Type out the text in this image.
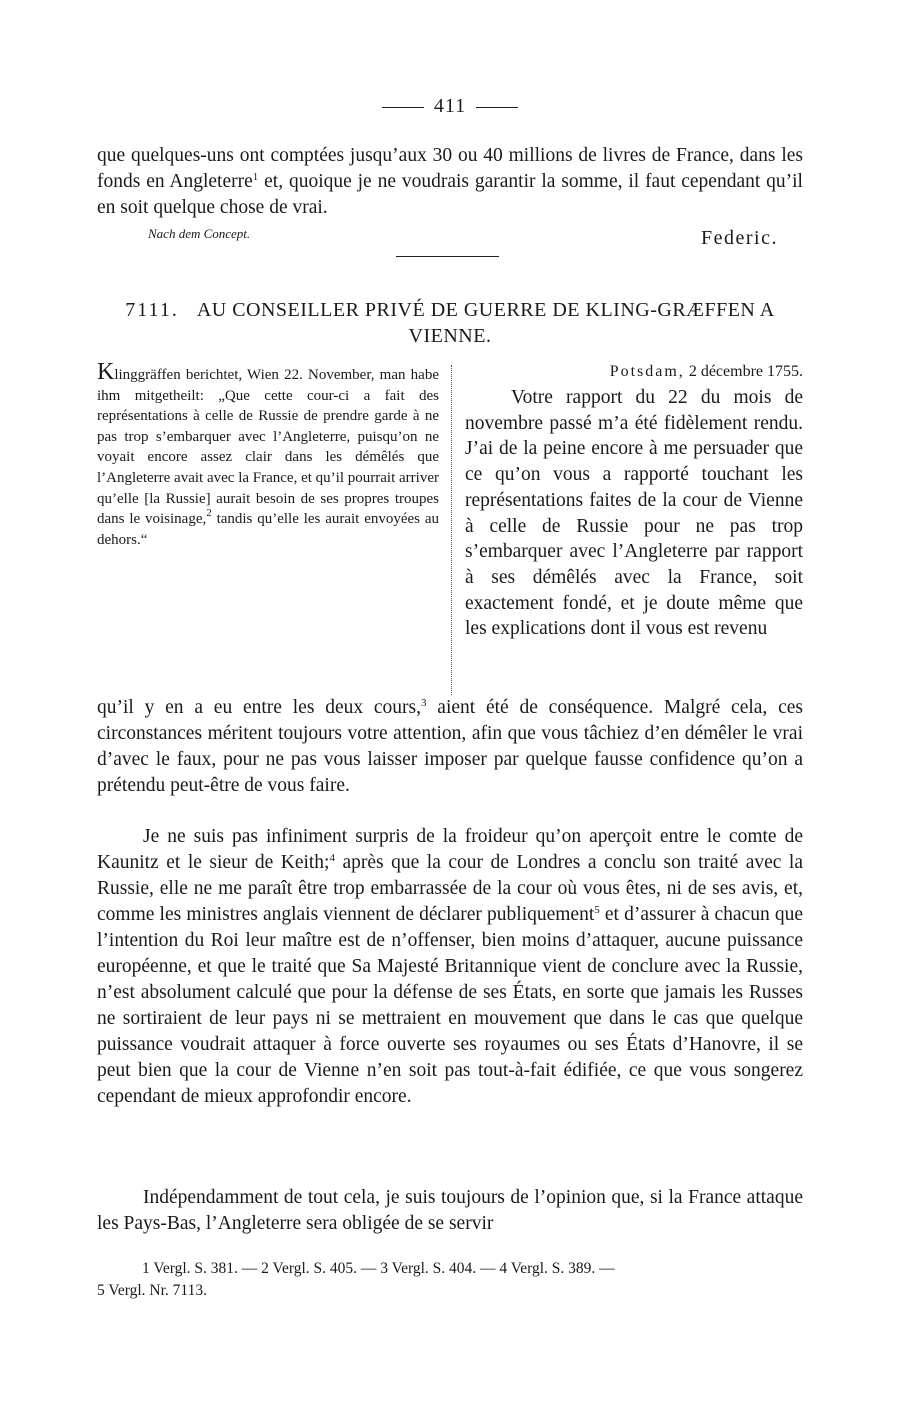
411

que quelques-uns ont comptées jusqu’aux 30 ou 40 millions de livres de France, dans les fonds en Angleterre$^1$ et, quoique je ne voudrais garantir la somme, il faut cependant qu’il en soit quelque chose de vrai.

Nach dem Concept.	Federic.
7111. AU CONSEILLER PRIVÉ DE GUERRE DE KLING-GRÆFFEN A VIENNE.
Klinggräffen berichtet, Wien 22. November, man habe ihm mitgetheilt: „Que cette cour-ci a fait des représentations à celle de Russie de prendre garde à ne pas trop s’embarquer avec l’Angleterre, puisqu’on ne voyait encore assez clair dans les démêlés que l’Angleterre avait avec la France, et qu’il pourrait arriver qu’elle [la Russie] aurait besoin de ses propres troupes dans le voisinage,$^2$ tandis qu’elle les aurait envoyées au dehors.“

Potsdam, 2 décembre 1755.

Votre rapport du 22 du mois de novembre passé m’a été fidèlement rendu. J’ai de la peine encore à me persuader que ce qu’on vous a rapporté touchant les représentations faites de la cour de Vienne à celle de Russie pour ne pas trop s’embarquer avec l’Angleterre par rapport à ses démêlés avec la France, soit exactement fondé, et je doute même que les explications dont il vous est revenu

qu’il y en a eu entre les deux cours,$^3$ aient été de conséquence. Malgré cela, ces circonstances méritent toujours votre attention, afin que vous tâchiez d’en démêler le vrai d’avec le faux, pour ne pas vous laisser imposer par quelque fausse confidence qu’on a prétendu peut-être de vous faire.

Je ne suis pas infiniment surpris de la froideur qu’on aperçoit entre le comte de Kaunitz et le sieur de Keith;$^4$ après que la cour de Londres a conclu son traité avec la Russie, elle ne me paraît être trop embarrassée de la cour où vous êtes, ni de ses avis, et, comme les ministres anglais viennent de déclarer publiquement$^5$ et d’assurer à chacun que l’intention du Roi leur maître est de n’offenser, bien moins d’attaquer, aucune puissance européenne, et que le traité que Sa Majesté Britannique vient de conclure avec la Russie, n’est absolument calculé que pour la défense de ses États, en sorte que jamais les Russes ne sortiraient de leur pays ni se mettraient en mouvement que dans le cas que quelque puissance voudrait attaquer à force ouverte ses royaumes ou ses États d’Hanovre, il se peut bien que la cour de Vienne n’en soit pas tout-à-fait édifiée, ce que vous songerez cependant de mieux approfondir encore.

Indépendamment de tout cela, je suis toujours de l’opinion que, si la France attaque les Pays-Bas, l’Angleterre sera obligée de se servir

1 Vergl. S. 381. — 2 Vergl. S. 405. — 3 Vergl. S. 404. — 4 Vergl. S. 389. —
5 Vergl. Nr. 7113.
